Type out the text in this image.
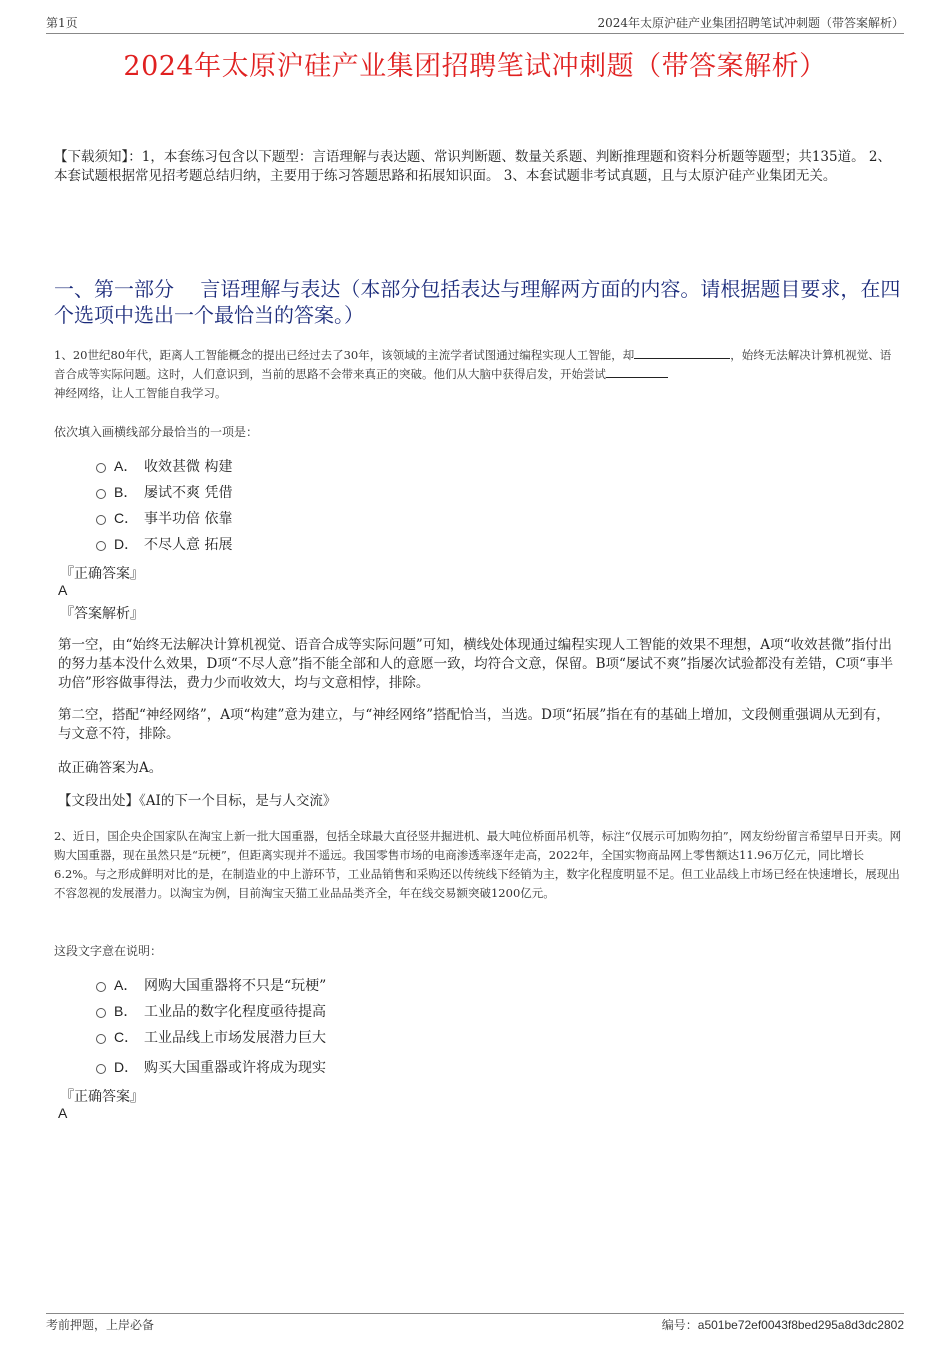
第1页	2024年太原沪硅产业集团招聘笔试冲刺题（带答案解析）
2024年太原沪硅产业集团招聘笔试冲刺题（带答案解析）
【下载须知】：1，本套练习包含以下题型：言语理解与表达题、常识判断题、数量关系题、判断推理题和资料分析题等题型；共135道。 2、本套试题根据常见招考题总结归纳，主要用于练习答题思路和拓展知识面。 3、本套试题非考试真题，且与太原沪硅产业集团无关。
一、第一部分　 言语理解与表达（本部分包括表达与理解两方面的内容。请根据题目要求，在四个选项中选出一个最恰当的答案。）
1、20世纪80年代，距离人工智能概念的提出已经过去了30年，该领域的主流学者试图通过编程实现人工智能，却	，始终无法解决计算机视觉、语音合成等实际问题。这时，人们意识到，当前的思路不会带来真正的突破。他们从大脑中获得启发，开始尝试
神经网络，让人工智能自我学习。
依次填入画横线部分最恰当的一项是：
A． 收效甚微 构建
B． 屡试不爽 凭借
C． 事半功倍 依靠
D． 不尽人意 拓展
『正确答案』
A
『答案解析』
第一空，由“始终无法解决计算机视觉、语音合成等实际问题”可知，横线处体现通过编程实现人工智能的效果不理想，A项“收效甚微”指付出的努力基本没什么效果，D项“不尽人意”指不能全部和人的意愿一致，均符合文意，保留。B项“屡试不爽”指屡次试验都没有差错，C项“事半功倍”形容做事得法，费力少而收效大，均与文意相悖，排除。
第二空，搭配“神经网络”，A项“构建”意为建立，与“神经网络”搭配恰当，当选。D项“拓展”指在有的基础上增加，文段侧重强调从无到有，与文意不符，排除。
故正确答案为A。
【文段出处】《AI的下一个目标，是与人交流》
2、近日，国企央企国家队在淘宝上新一批大国重器，包括全球最大直径竖井掘进机、最大吨位桥面吊机等，标注“仅展示可加购勿拍”，网友纷纷留言希望早日开卖。网购大国重器，现在虽然只是“玩梗”，但距离实现并不遥远。我国零售市场的电商渗透率逐年走高，2022年，全国实物商品网上零售额达11.96万亿元，同比增长6.2%。与之形成鲜明对比的是，在制造业的中上游环节，工业品销售和采购还以传统线下经销为主，数字化程度明显不足。但工业品线上市场已经在快速增长，展现出不容忽视的发展潜力。以淘宝为例，目前淘宝天猫工业品品类齐全，年在线交易额突破1200亿元。
这段文字意在说明：
A． 网购大国重器将不只是“玩梗”
B． 工业品的数字化程度亟待提高
C． 工业品线上市场发展潜力巨大
D． 购买大国重器或许将成为现实
『正确答案』
A
考前押题，上岸必备	编号：a501be72ef0043f8bed295a8d3dc2802
